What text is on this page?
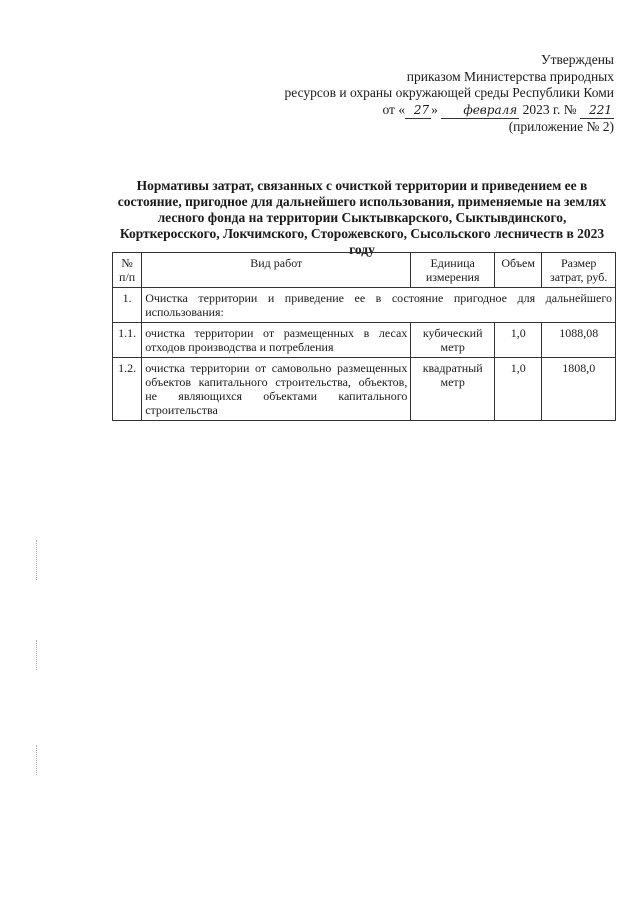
Утверждены
приказом Министерства природных
ресурсов и охраны окружающей среды Республики Коми
от « 27 » февраля 2023 г. № 221
(приложение № 2)
Нормативы затрат, связанных с очисткой территории и приведением ее в состояние, пригодное для дальнейшего использования, применяемые на землях лесного фонда на территории Сыктывкарского, Сыктывдинского, Корткеросского, Локчимского, Сторожевского, Сысольского лесничеств в 2023 году
№ п/п	Вид работ	Единица измерения	Объем	Размер затрат, руб.
1.	Очистка территории и приведение ее в состояние пригодное для дальнейшего использования:			
1.1.	очистка территории от размещенных в лесах отходов производства и потребления	кубический метр	1,0	1088,08
1.2.	очистка территории от самовольно размещенных объектов капитального строительства, объектов, не являющихся объектами капитального строительства	квадратный метр	1,0	1808,0
